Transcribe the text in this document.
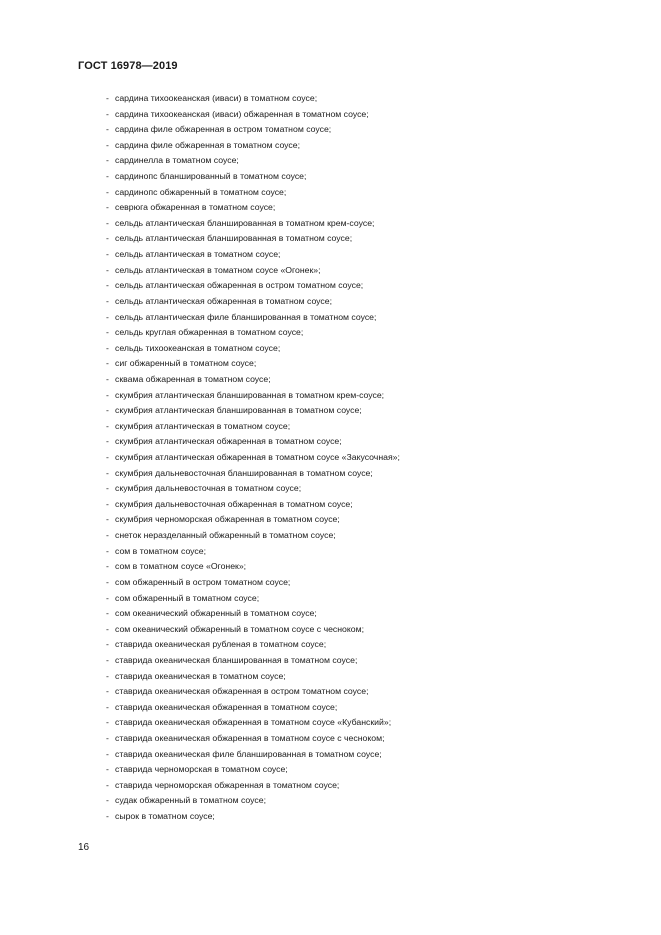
ГОСТ 16978—2019
- сардина тихоокеанская (иваси) в томатном соусе;
- сардина тихоокеанская (иваси) обжаренная в томатном соусе;
- сардина филе обжаренная в остром томатном соусе;
- сардина филе обжаренная в томатном соусе;
- сардинелла в томатном соусе;
- сардинопс бланшированный в томатном соусе;
- сардинопс обжаренный в томатном соусе;
- севрюга обжаренная в томатном соусе;
- сельдь атлантическая бланшированная в томатном крем-соусе;
- сельдь атлантическая бланшированная в томатном соусе;
- сельдь атлантическая в томатном соусе;
- сельдь атлантическая в томатном соусе «Огонек»;
- сельдь атлантическая обжаренная в остром томатном соусе;
- сельдь атлантическая обжаренная в томатном соусе;
- сельдь атлантическая филе бланшированная в томатном соусе;
- сельдь круглая обжаренная в томатном соусе;
- сельдь тихоокеанская в томатном соусе;
- сиг обжаренный в томатном соусе;
- сквама обжаренная в томатном соусе;
- скумбрия атлантическая бланшированная в томатном крем-соусе;
- скумбрия атлантическая бланшированная в томатном соусе;
- скумбрия атлантическая в томатном соусе;
- скумбрия атлантическая обжаренная в томатном соусе;
- скумбрия атлантическая обжаренная в томатном соусе «Закусочная»;
- скумбрия дальневосточная бланшированная в томатном соусе;
- скумбрия дальневосточная в томатном соусе;
- скумбрия дальневосточная обжаренная в томатном соусе;
- скумбрия черноморская обжаренная в томатном соусе;
- снеток неразделанный обжаренный в томатном соусе;
- сом в томатном соусе;
- сом в томатном соусе «Огонек»;
- сом обжаренный в остром томатном соусе;
- сом обжаренный в томатном соусе;
- сом океанический обжаренный в томатном соусе;
- сом океанический обжаренный в томатном соусе с чесноком;
- ставрида океаническая рубленая в томатном соусе;
- ставрида океаническая бланшированная в томатном соусе;
- ставрида океаническая в томатном соусе;
- ставрида океаническая обжаренная в остром томатном соусе;
- ставрида океаническая обжаренная в томатном соусе;
- ставрида океаническая обжаренная в томатном соусе «Кубанский»;
- ставрида океаническая обжаренная в томатном соусе с чесноком;
- ставрида океаническая филе бланшированная в томатном соусе;
- ставрида черноморская в томатном соусе;
- ставрида черноморская обжаренная в томатном соусе;
- судак обжаренный в томатном соусе;
- сырок в томатном соусе;
16
